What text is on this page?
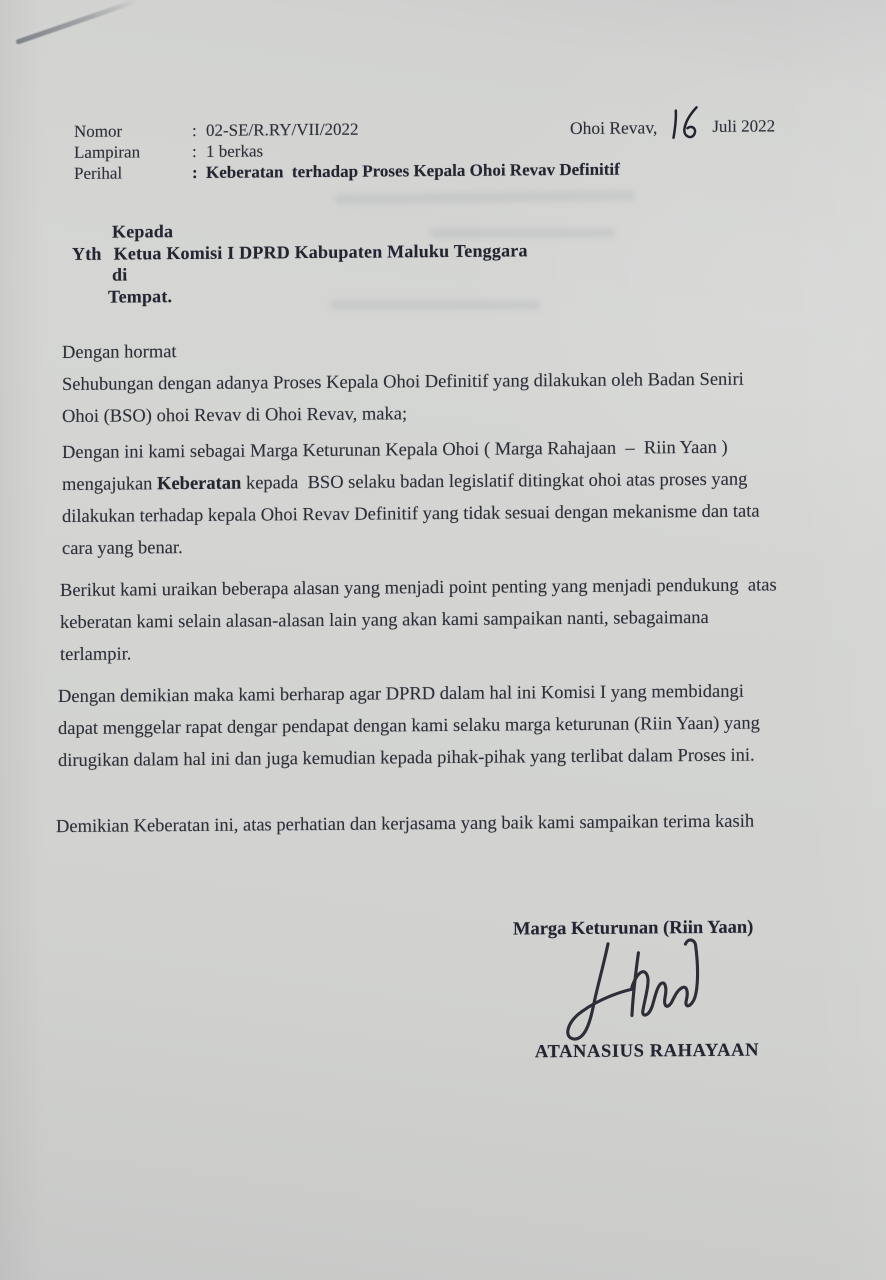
Nomor	: 02-SE/R.RY/VII/2022
Lampiran	: 1 berkas
Perihal	: Keberatan  terhadap Proses Kepala Ohoi Revav Definitif
Ohoi Revav,	Juli 2022
Kepada
Yth Ketua Komisi I DPRD Kabupaten Maluku Tenggara
di
Tempat.
Dengan hormat
Sehubungan dengan adanya Proses Kepala Ohoi Definitif yang dilakukan oleh Badan Seniri
Ohoi (BSO) ohoi Revav di Ohoi Revav, maka;
Dengan ini kami sebagai Marga Keturunan Kepala Ohoi ( Marga Rahajaan  –  Riin Yaan )
mengajukan Keberatan kepada  BSO selaku badan legislatif ditingkat ohoi atas proses yang
dilakukan terhadap kepala Ohoi Revav Definitif yang tidak sesuai dengan mekanisme dan tata
cara yang benar.
Berikut kami uraikan beberapa alasan yang menjadi point penting yang menjadi pendukung  atas
keberatan kami selain alasan-alasan lain yang akan kami sampaikan nanti, sebagaimana
terlampir.
Dengan demikian maka kami berharap agar DPRD dalam hal ini Komisi I yang membidangi
dapat menggelar rapat dengar pendapat dengan kami selaku marga keturunan (Riin Yaan) yang
dirugikan dalam hal ini dan juga kemudian kepada pihak-pihak yang terlibat dalam Proses ini.
Demikian Keberatan ini, atas perhatian dan kerjasama yang baik kami sampaikan terima kasih
Marga Keturunan (Riin Yaan)
ATANASIUS RAHAYAAN
